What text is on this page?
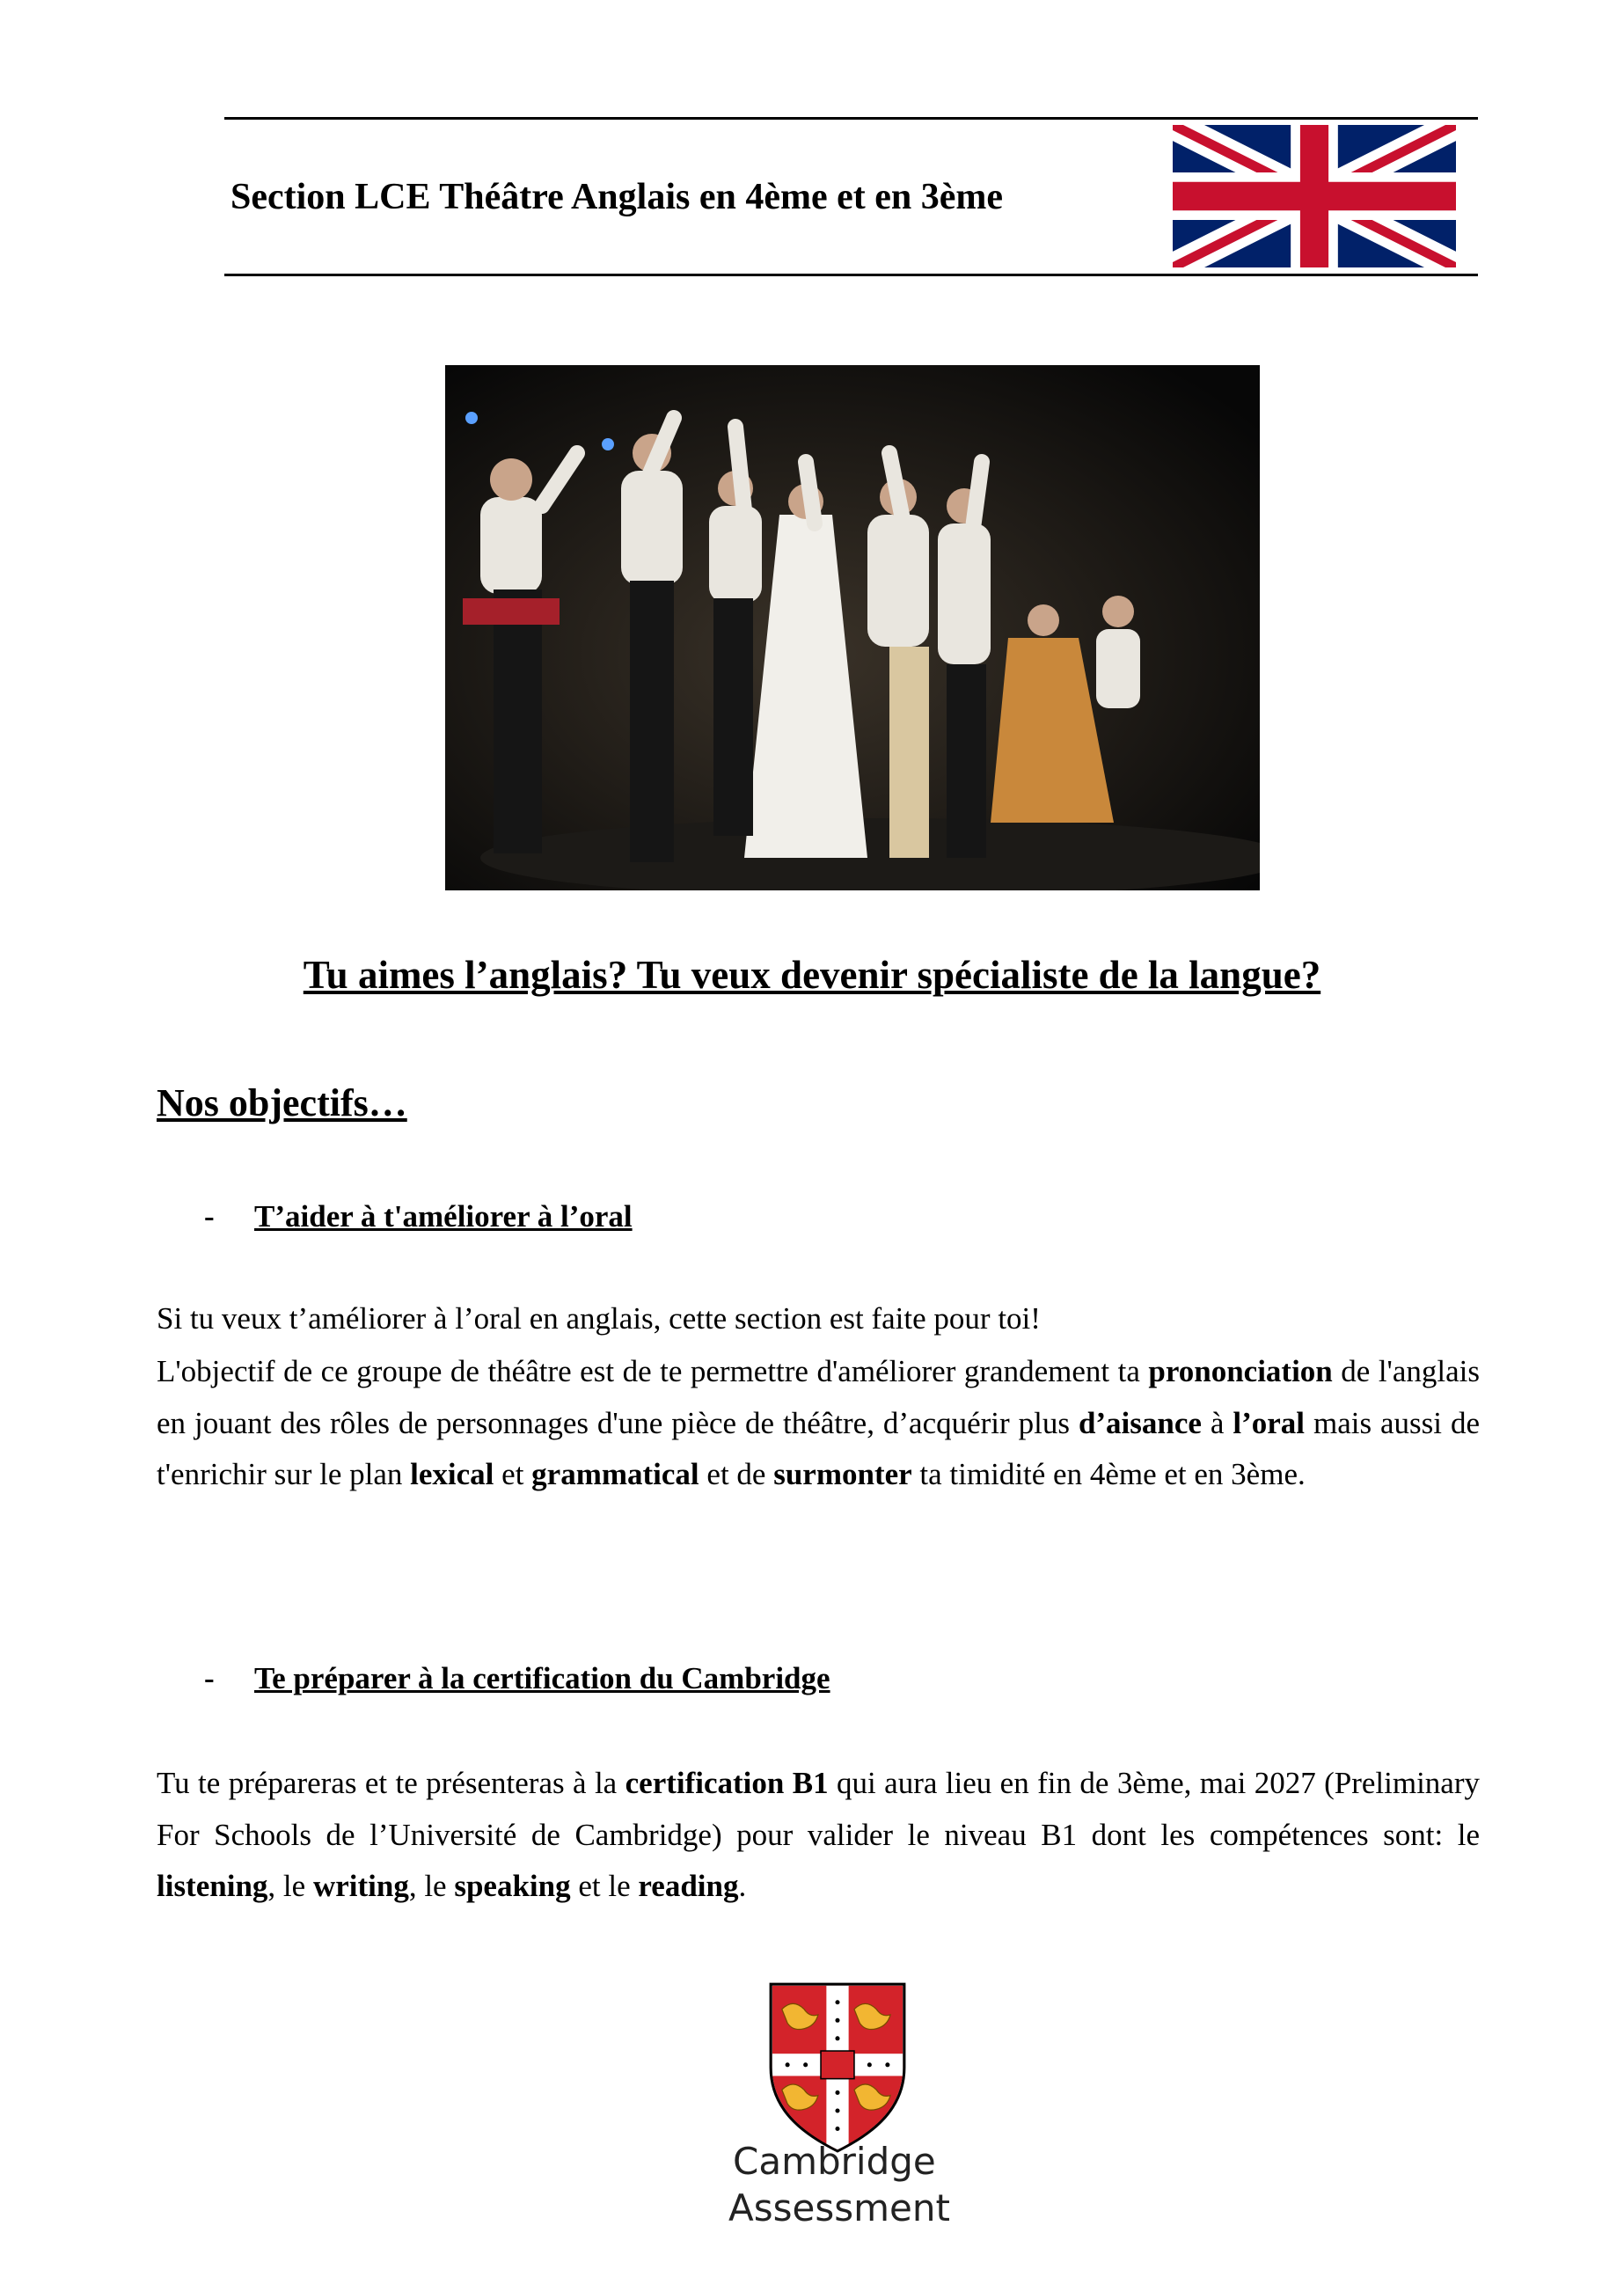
Section LCE Théâtre Anglais en 4ème et en 3ème
Tu aimes l’anglais? Tu veux devenir spécialiste de la langue?
Nos objectifs…
- T’aider à t'améliorer à l’oral
Si tu veux t’améliorer à l’oral en anglais, cette section est faite pour toi!
L'objectif de ce groupe de théâtre est de te permettre d'améliorer grandement ta prononciation de l'anglais en jouant des rôles de personnages d'une pièce de théâtre, d’acquérir plus d’aisance à l’oral mais aussi de t'enrichir sur le plan lexical et grammatical et de surmonter ta timidité en 4ème et en 3ème.
- Te préparer à la certification du Cambridge
Tu te prépareras et te présenteras à la certification B1 qui aura lieu en fin de 3ème, mai 2027 (Preliminary For Schools de l’Université de Cambridge) pour valider le niveau B1 dont les compétences sont: le listening, le writing, le speaking et le reading.
Cambridge
Assessment
